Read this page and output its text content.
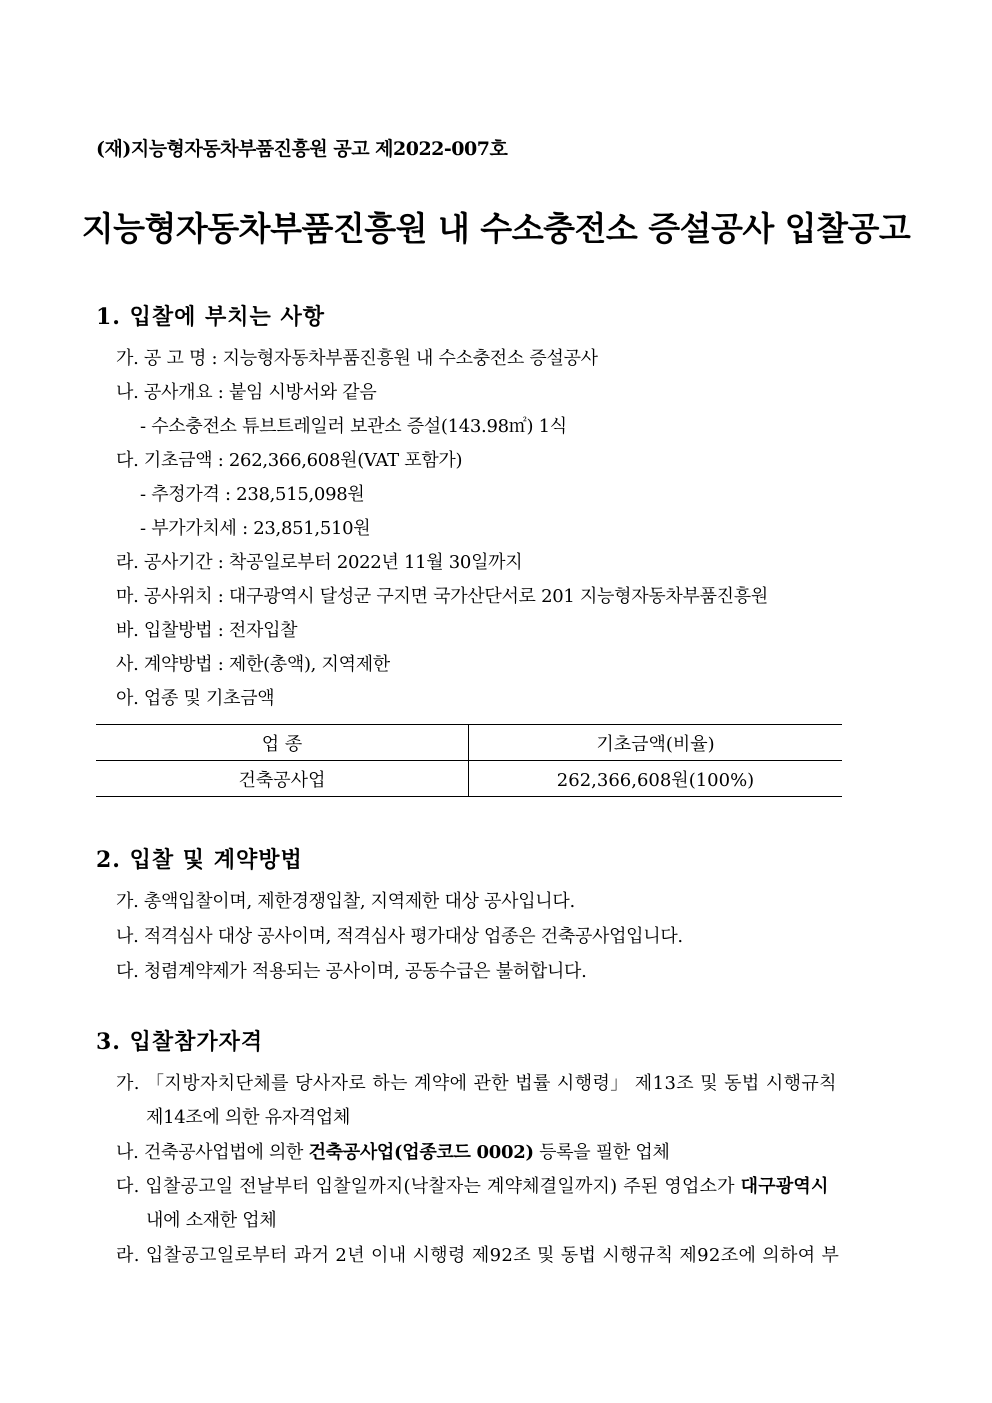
(재)지능형자동차부품진흥원 공고 제2022-007호
지능형자동차부품진흥원 내 수소충전소 증설공사 입찰공고
1. 입찰에 부치는 사항
가. 공 고 명 : 지능형자동차부품진흥원 내 수소충전소 증설공사
나. 공사개요 : 붙임 시방서와 같음
- 수소충전소 튜브트레일러 보관소 증설(143.98㎡) 1식
다. 기초금액 : 262,366,608원(VAT 포함가)
- 추정가격 : 238,515,098원
- 부가가치세 : 23,851,510원
라. 공사기간 : 착공일로부터 2022년 11월 30일까지
마. 공사위치 : 대구광역시 달성군 구지면 국가산단서로 201 지능형자동차부품진흥원
바. 입찰방법 : 전자입찰
사. 계약방법 : 제한(총액), 지역제한
아. 업종 및 기초금액
업 종	기초금액(비율)
건축공사업	262,366,608원(100%)
2. 입찰 및 계약방법
가. 총액입찰이며, 제한경쟁입찰, 지역제한 대상 공사입니다.
나. 적격심사 대상 공사이며, 적격심사 평가대상 업종은 건축공사업입니다.
다. 청렴계약제가 적용되는 공사이며, 공동수급은 불허합니다.
3. 입찰참가자격
가. 「지방자치단체를 당사자로 하는 계약에 관한 법률 시행령」 제13조 및 동법 시행규칙
제14조에 의한 유자격업체
나. 건축공사업법에 의한 건축공사업(업종코드 0002) 등록을 필한 업체
다. 입찰공고일 전날부터 입찰일까지(낙찰자는 계약체결일까지) 주된 영업소가 대구광역시
내에 소재한 업체
라. 입찰공고일로부터 과거 2년 이내 시행령 제92조 및 동법 시행규칙 제92조에 의하여 부
